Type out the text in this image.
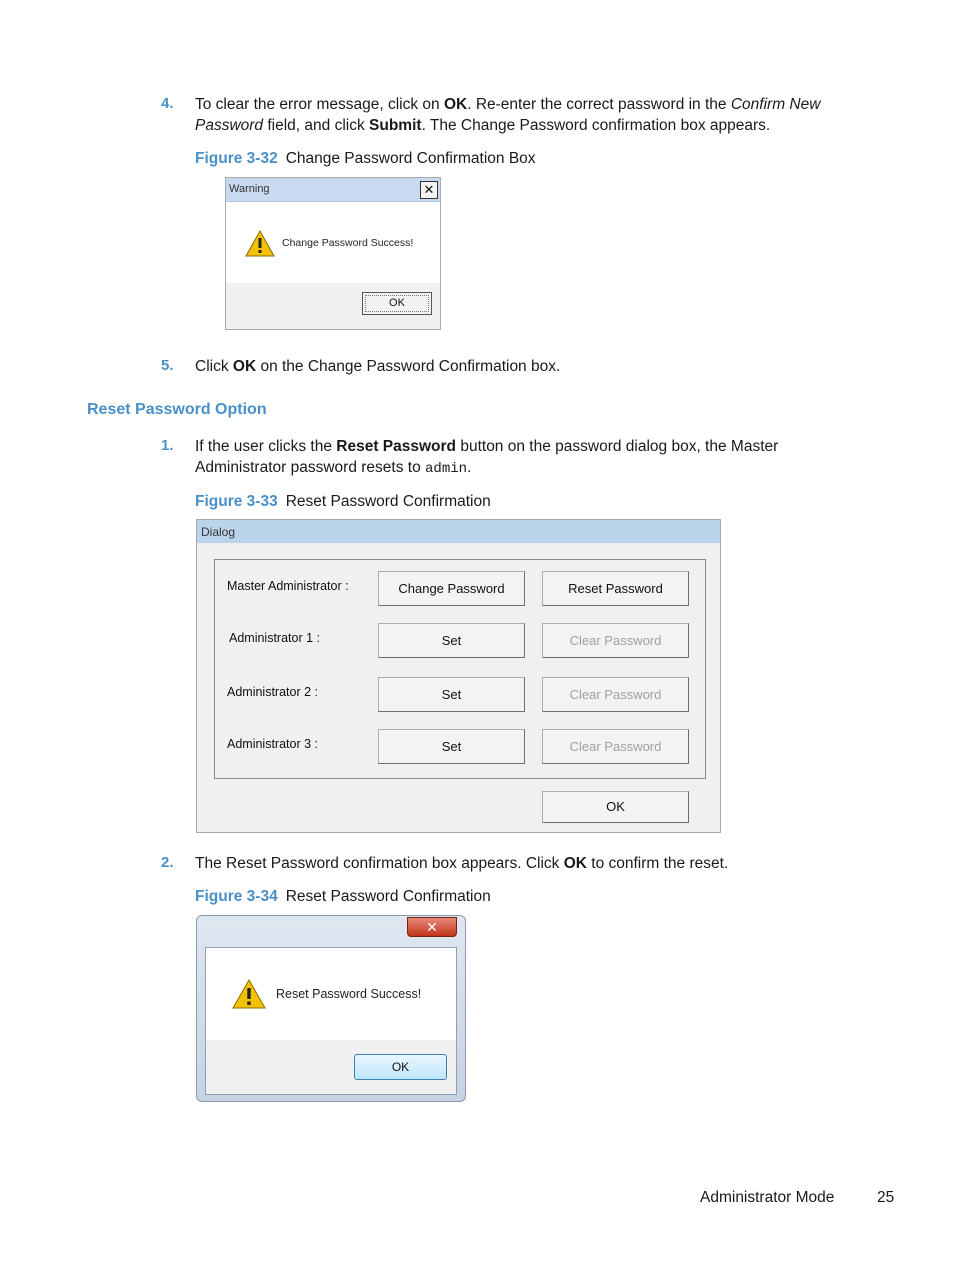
4. To clear the error message, click on OK. Re-enter the correct password in the Confirm New
Password field, and click Submit. The Change Password confirmation box appears.
Figure 3-32 Change Password Confirmation Box
Warning	✕
Change Password Success!
OK
5. Click OK on the Change Password Confirmation box.
Reset Password Option
1. If the user clicks the Reset Password button on the password dialog box, the Master
Administrator password resets to admin.
Figure 3-33 Reset Password Confirmation
Dialog
Master Administrator :	Change Password	Reset Password
Administrator 1 :	Set	Clear Password
Administrator 2 :	Set	Clear Password
Administrator 3 :	Set	Clear Password
OK
2. The Reset Password confirmation box appears. Click OK to confirm the reset.
Figure 3-34 Reset Password Confirmation
✕
Reset Password Success!
OK
Administrator Mode	25
